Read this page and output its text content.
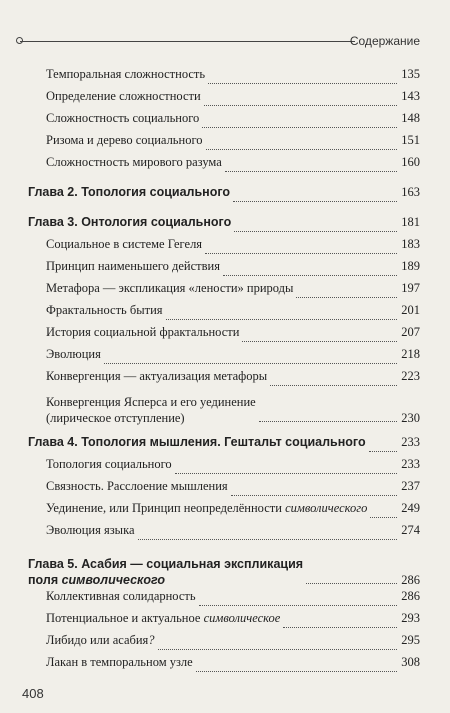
Содержание
Темпоральная сложностность	135
Определение сложностности	143
Сложностность социального	148
Ризома и дерево социального	151
Сложностность мирового разума	160
Глава 2. Топология социального	163
Глава 3. Онтология социального	181
Социальное в системе Гегеля	183
Принцип наименьшего действия	189
Метафора — экспликация «лености» природы	197
Фрактальность бытия	201
История социальной фрактальности	207
Эволюция	218
Конвергенция — актуализация метафоры	223
Конвергенция Ясперса и его уединение
(лирическое отступление)	230
Глава 4. Топология мышления. Гештальт социального	233
Топология социального	233
Связность. Расслоение мышления	237
Уединение, или Принцип неопределённости символического	249
Эволюция языка	274
Глава 5. Асабия — социальная экспликация
поля символического	286
Коллективная солидарность	286
Потенциальное и актуальное символическое	293
Либидо или асабия?	295
Лакан в темпоральном узле	308
408
